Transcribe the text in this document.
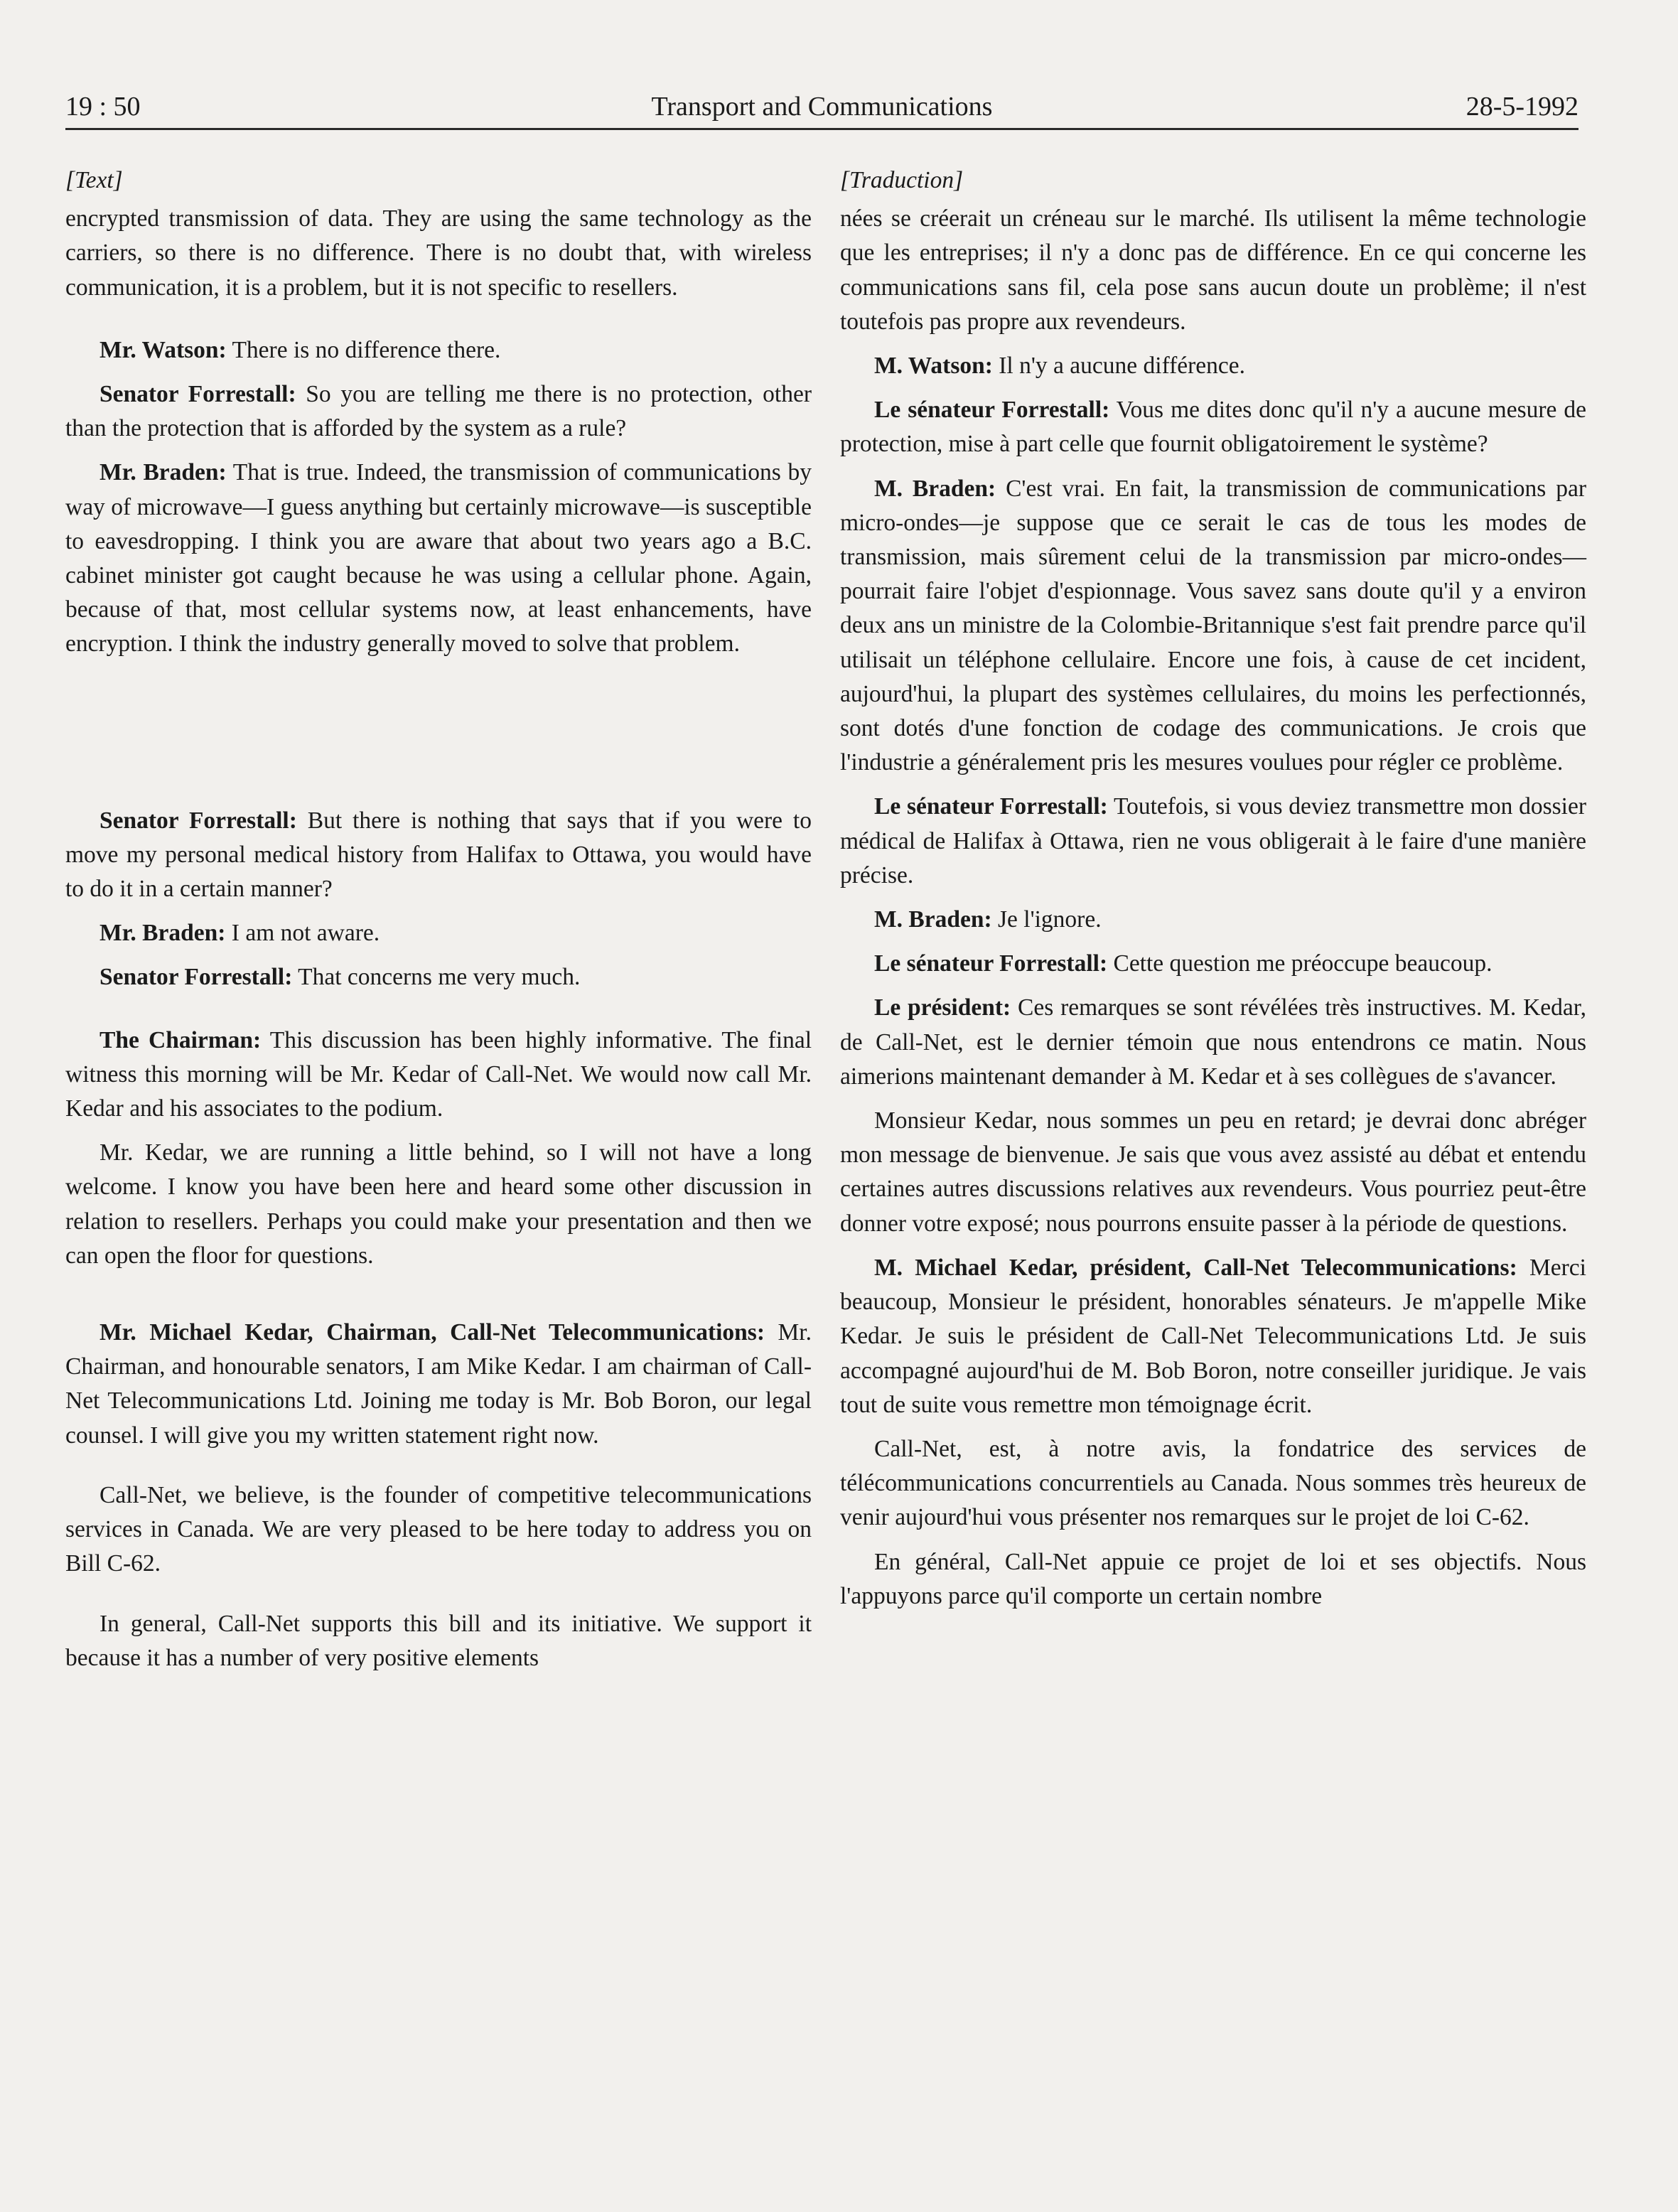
19 : 50	Transport and Communications	28-5-1992
[Text]

encrypted transmission of data. They are using the same technology as the carriers, so there is no difference. There is no doubt that, with wireless communication, it is a problem, but it is not specific to resellers.

Mr. Watson: There is no difference there.

Senator Forrestall: So you are telling me there is no protection, other than the protection that is afforded by the system as a rule?

Mr. Braden: That is true. Indeed, the transmission of communications by way of microwave—I guess anything but certainly microwave—is susceptible to eavesdropping. I think you are aware that about two years ago a B.C. cabinet minister got caught because he was using a cellular phone. Again, because of that, most cellular systems now, at least enhancements, have encryption. I think the industry generally moved to solve that problem.

Senator Forrestall: But there is nothing that says that if you were to move my personal medical history from Halifax to Ottawa, you would have to do it in a certain manner?

Mr. Braden: I am not aware.

Senator Forrestall: That concerns me very much.

The Chairman: This discussion has been highly informative. The final witness this morning will be Mr. Kedar of Call-Net. We would now call Mr. Kedar and his associates to the podium.

Mr. Kedar, we are running a little behind, so I will not have a long welcome. I know you have been here and heard some other discussion in relation to resellers. Perhaps you could make your presentation and then we can open the floor for questions.

Mr. Michael Kedar, Chairman, Call-Net Telecommunications: Mr. Chairman, and honourable senators, I am Mike Kedar. I am chairman of Call-Net Telecommunications Ltd. Joining me today is Mr. Bob Boron, our legal counsel. I will give you my written statement right now.

Call-Net, we believe, is the founder of competitive telecommunications services in Canada. We are very pleased to be here today to address you on Bill C-62.

In general, Call-Net supports this bill and its initiative. We support it because it has a number of very positive elements

[Traduction]

nées se créerait un créneau sur le marché. Ils utilisent la même technologie que les entreprises; il n'y a donc pas de différence. En ce qui concerne les communications sans fil, cela pose sans aucun doute un problème; il n'est toutefois pas propre aux revendeurs.

M. Watson: Il n'y a aucune différence.

Le sénateur Forrestall: Vous me dites donc qu'il n'y a aucune mesure de protection, mise à part celle que fournit obligatoirement le système?

M. Braden: C'est vrai. En fait, la transmission de communications par micro-ondes—je suppose que ce serait le cas de tous les modes de transmission, mais sûrement celui de la transmission par micro-ondes—pourrait faire l'objet d'espionnage. Vous savez sans doute qu'il y a environ deux ans un ministre de la Colombie-Britannique s'est fait prendre parce qu'il utilisait un téléphone cellulaire. Encore une fois, à cause de cet incident, aujourd'hui, la plupart des systèmes cellulaires, du moins les perfectionnés, sont dotés d'une fonction de codage des communications. Je crois que l'industrie a généralement pris les mesures voulues pour régler ce problème.

Le sénateur Forrestall: Toutefois, si vous deviez transmettre mon dossier médical de Halifax à Ottawa, rien ne vous obligerait à le faire d'une manière précise.

M. Braden: Je l'ignore.

Le sénateur Forrestall: Cette question me préoccupe beaucoup.

Le président: Ces remarques se sont révélées très instructives. M. Kedar, de Call-Net, est le dernier témoin que nous entendrons ce matin. Nous aimerions maintenant demander à M. Kedar et à ses collègues de s'avancer.

Monsieur Kedar, nous sommes un peu en retard; je devrai donc abréger mon message de bienvenue. Je sais que vous avez assisté au débat et entendu certaines autres discussions relatives aux revendeurs. Vous pourriez peut-être donner votre exposé; nous pourrons ensuite passer à la période de questions.

M. Michael Kedar, président, Call-Net Telecommunications: Merci beaucoup, Monsieur le président, honorables sénateurs. Je m'appelle Mike Kedar. Je suis le président de Call-Net Telecommunications Ltd. Je suis accompagné aujourd'hui de M. Bob Boron, notre conseiller juridique. Je vais tout de suite vous remettre mon témoignage écrit.

Call-Net, est, à notre avis, la fondatrice des services de télécommunications concurrentiels au Canada. Nous sommes très heureux de venir aujourd'hui vous présenter nos remarques sur le projet de loi C-62.

En général, Call-Net appuie ce projet de loi et ses objectifs. Nous l'appuyons parce qu'il comporte un certain nombre
